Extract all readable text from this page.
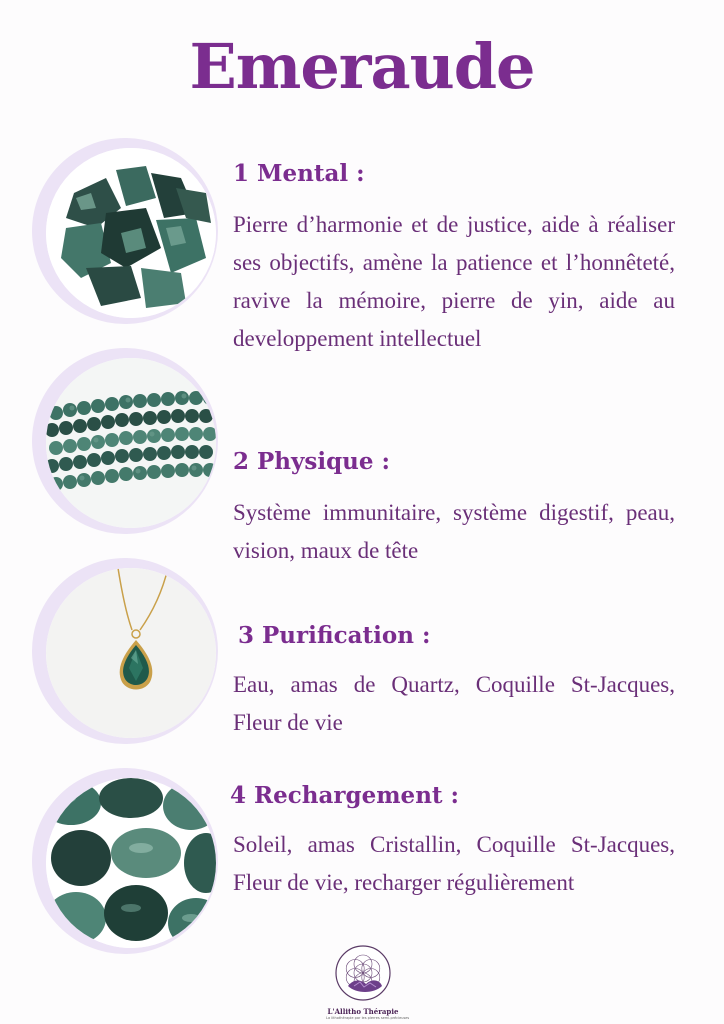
Emeraude
1 Mental :

Pierre d’harmonie et de justice, aide à réaliser ses objectifs, amène la patience et l’honnêteté, ravive la mémoire, pierre de yin, aide au developpement intellectuel

2 Physique :

Système immunitaire, système digestif, peau, vision, maux de tête

3 Purification :

Eau, amas de Quartz, Coquille St-Jacques, Fleur de vie

4 Rechargement :

Soleil, amas Cristallin, Coquille St-Jacques, Fleur de vie, recharger régulièrement

L'Allitho Thérapie
La lithothérapie par les pierres semi-précieuses
